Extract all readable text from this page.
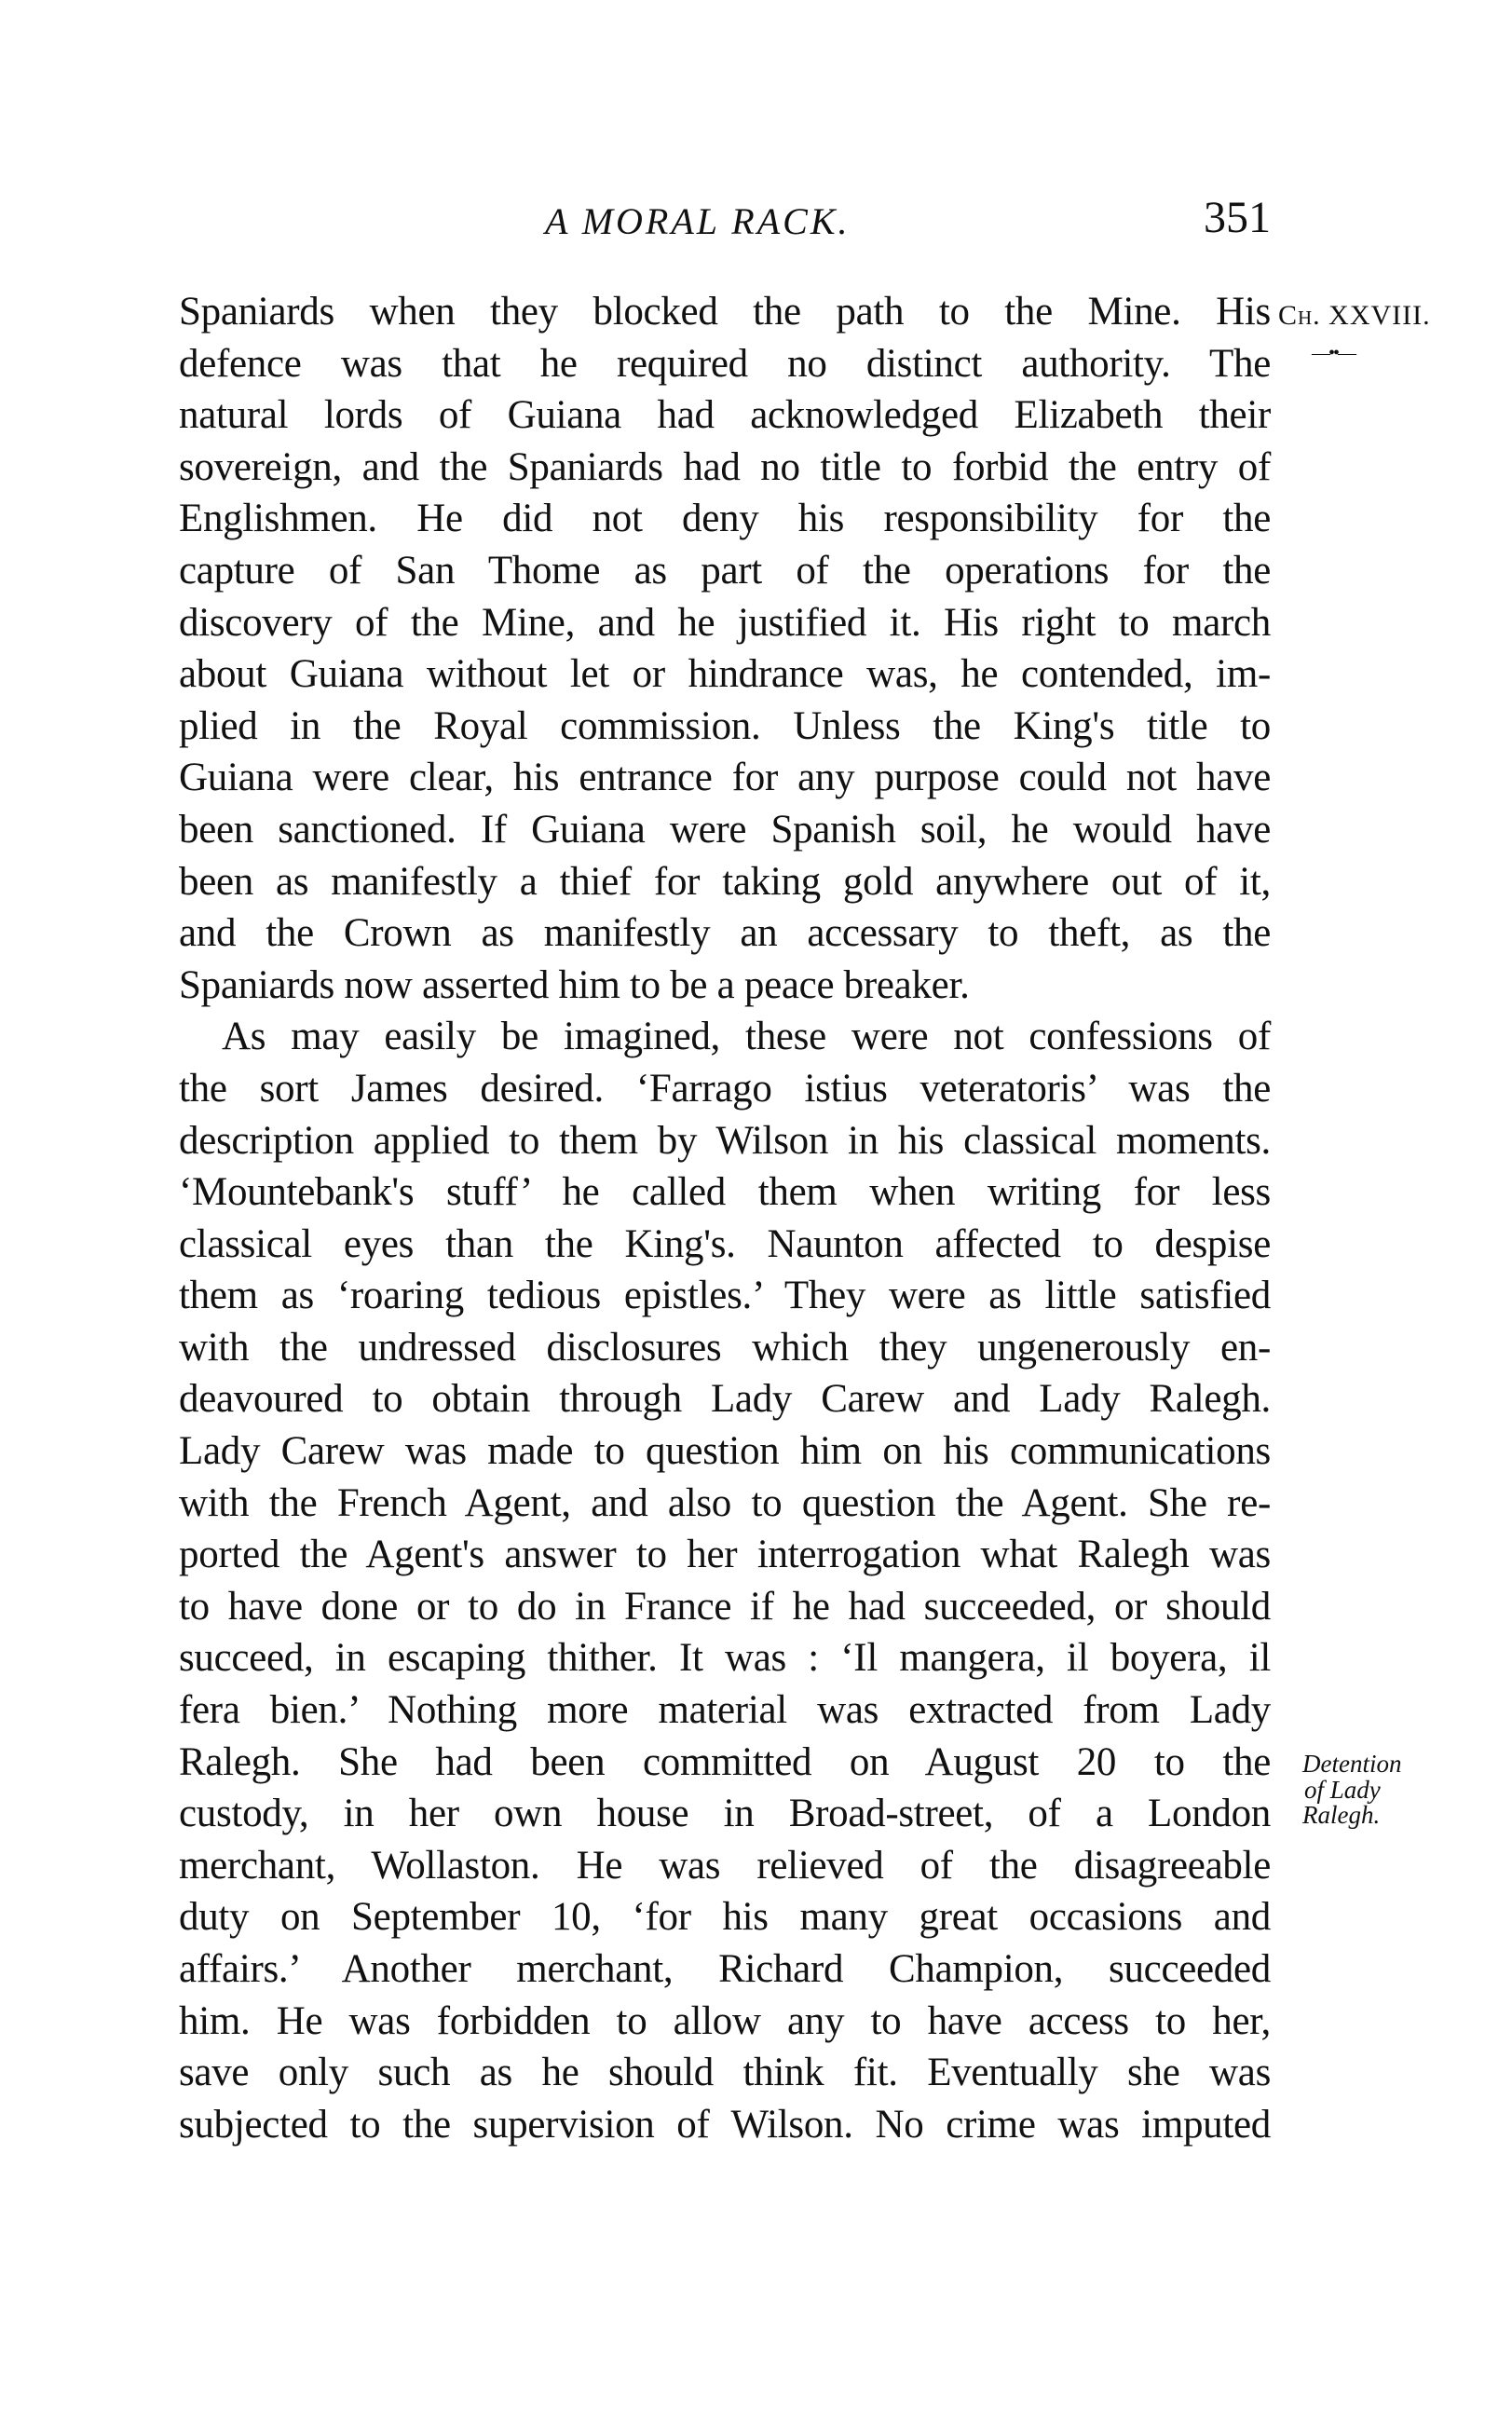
A MORAL RACK.	351
Ch. XXVIII.
—••—
Detention
of Lady
Ralegh.
Spaniards when they blocked the path to the Mine. His
defence was that he required no distinct authority. The
natural lords of Guiana had acknowledged Elizabeth their
sovereign, and the Spaniards had no title to forbid the entry of
Englishmen. He did not deny his responsibility for the
capture of San Thome as part of the operations for the
discovery of the Mine, and he justified it. His right to march
about Guiana without let or hindrance was, he contended, im-
plied in the Royal commission. Unless the King's title to
Guiana were clear, his entrance for any purpose could not have
been sanctioned. If Guiana were Spanish soil, he would have
been as manifestly a thief for taking gold anywhere out of it,
and the Crown as manifestly an accessary to theft, as the
Spaniards now asserted him to be a peace breaker.
As may easily be imagined, these were not confessions of
the sort James desired. ‘Farrago istius veteratoris’ was the
description applied to them by Wilson in his classical moments.
‘Mountebank's stuff’ he called them when writing for less
classical eyes than the King's. Naunton affected to despise
them as ‘roaring tedious epistles.’ They were as little satisfied
with the undressed disclosures which they ungenerously en-
deavoured to obtain through Lady Carew and Lady Ralegh.
Lady Carew was made to question him on his communications
with the French Agent, and also to question the Agent. She re-
ported the Agent's answer to her interrogation what Ralegh was
to have done or to do in France if he had succeeded, or should
succeed, in escaping thither. It was : ‘Il mangera, il boyera, il
fera bien.’ Nothing more material was extracted from Lady
Ralegh. She had been committed on August 20 to the
custody, in her own house in Broad-street, of a London
merchant, Wollaston. He was relieved of the disagreeable
duty on September 10, ‘for his many great occasions and
affairs.’ Another merchant, Richard Champion, succeeded
him. He was forbidden to allow any to have access to her,
save only such as he should think fit. Eventually she was
subjected to the supervision of Wilson. No crime was imputed
